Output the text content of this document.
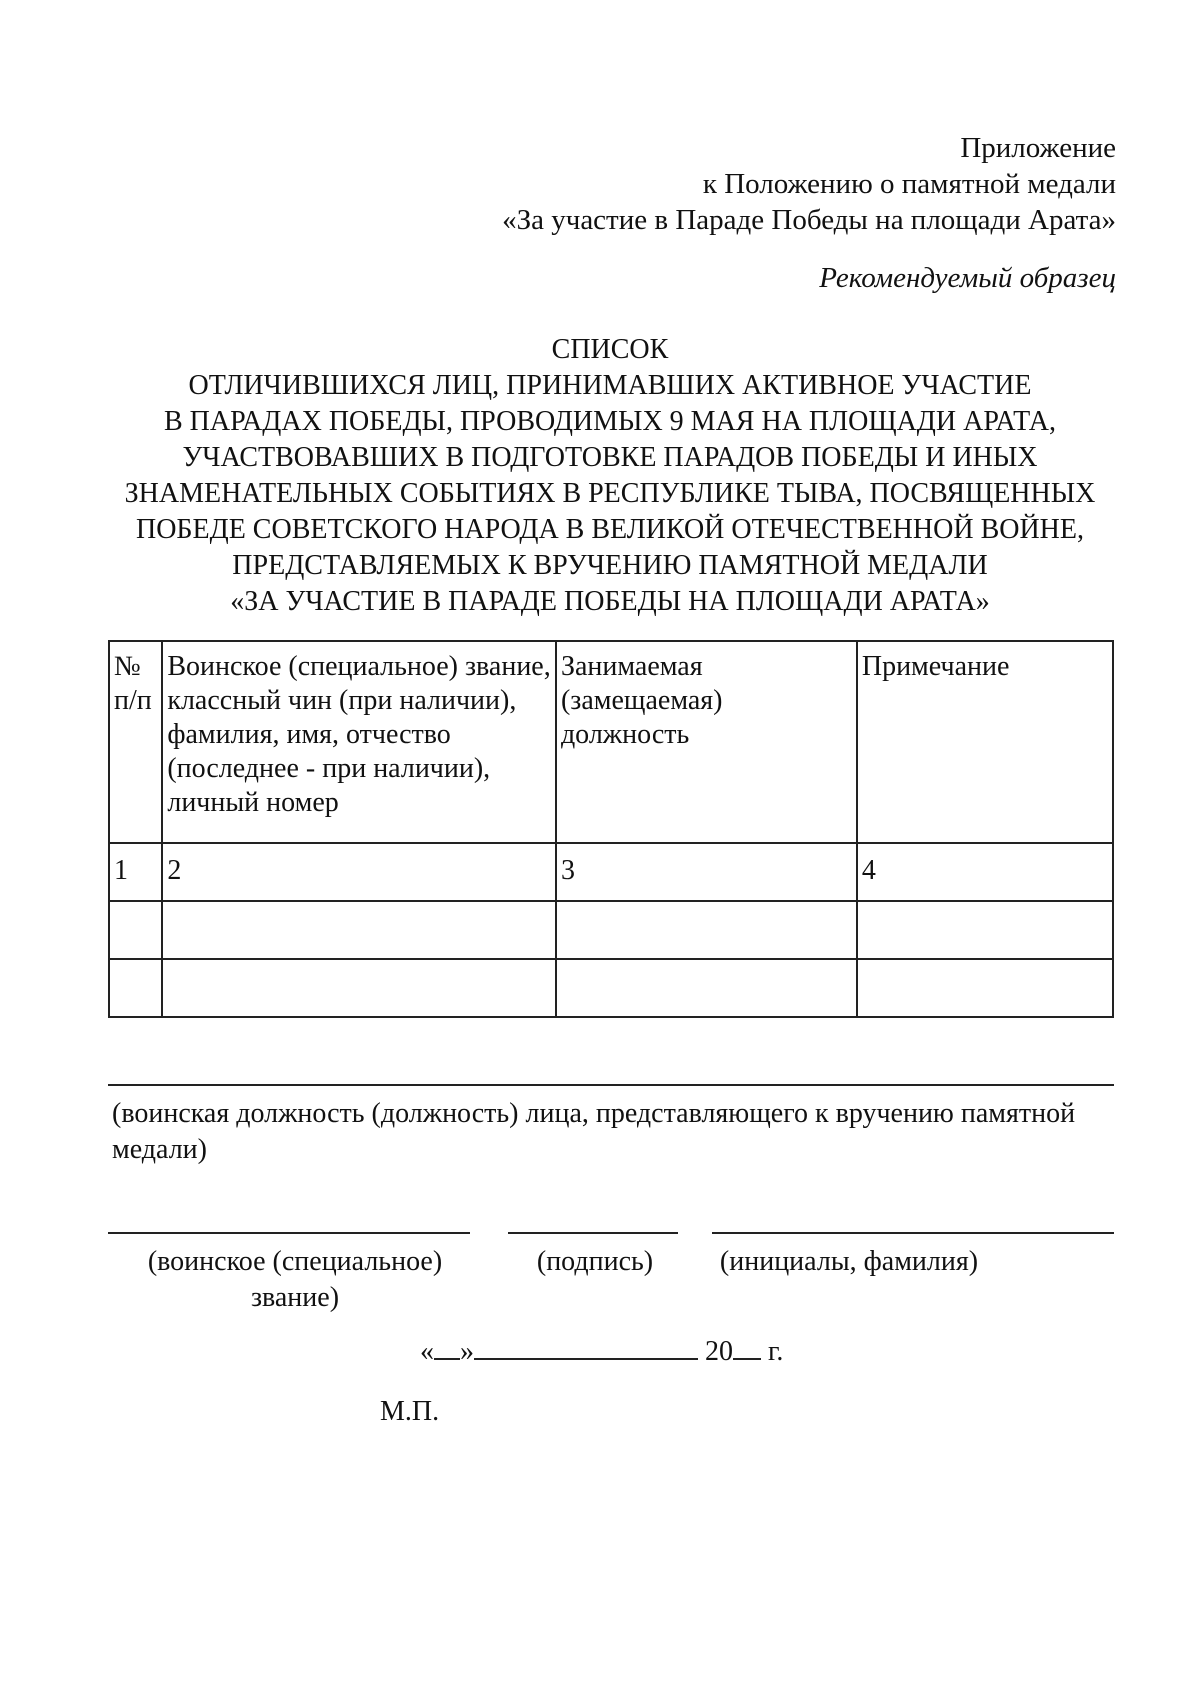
Приложение
к Положению о памятной медали
«За участие в Параде Победы на площади Арата»
Рекомендуемый образец
СПИСОК
ОТЛИЧИВШИХСЯ ЛИЦ, ПРИНИМАВШИХ АКТИВНОЕ УЧАСТИЕ
В ПАРАДАХ ПОБЕДЫ, ПРОВОДИМЫХ 9 МАЯ НА ПЛОЩАДИ АРАТА,
УЧАСТВОВАВШИХ В ПОДГОТОВКЕ ПАРАДОВ ПОБЕДЫ И ИНЫХ
ЗНАМЕНАТЕЛЬНЫХ СОБЫТИЯХ В РЕСПУБЛИКЕ ТЫВА, ПОСВЯЩЕННЫХ
ПОБЕДЕ СОВЕТСКОГО НАРОДА В ВЕЛИКОЙ ОТЕЧЕСТВЕННОЙ ВОЙНЕ,
ПРЕДСТАВЛЯЕМЫХ К ВРУЧЕНИЮ ПАМЯТНОЙ МЕДАЛИ
«ЗА УЧАСТИЕ В ПАРАДЕ ПОБЕДЫ НА ПЛОЩАДИ АРАТА»
№ п/п	Воинское (специальное) звание, классный чин (при наличии), фамилия, имя, отчество (последнее - при наличии), личный номер	Занимаемая (замещаемая) должность	Примечание
1	2	3	4

(воинская должность (должность) лица, представляющего к вручению памятной медали)
(воинское (специальное)
звание)
(подпись)	(инициалы, фамилия)
« »	20 г.
М.П.
